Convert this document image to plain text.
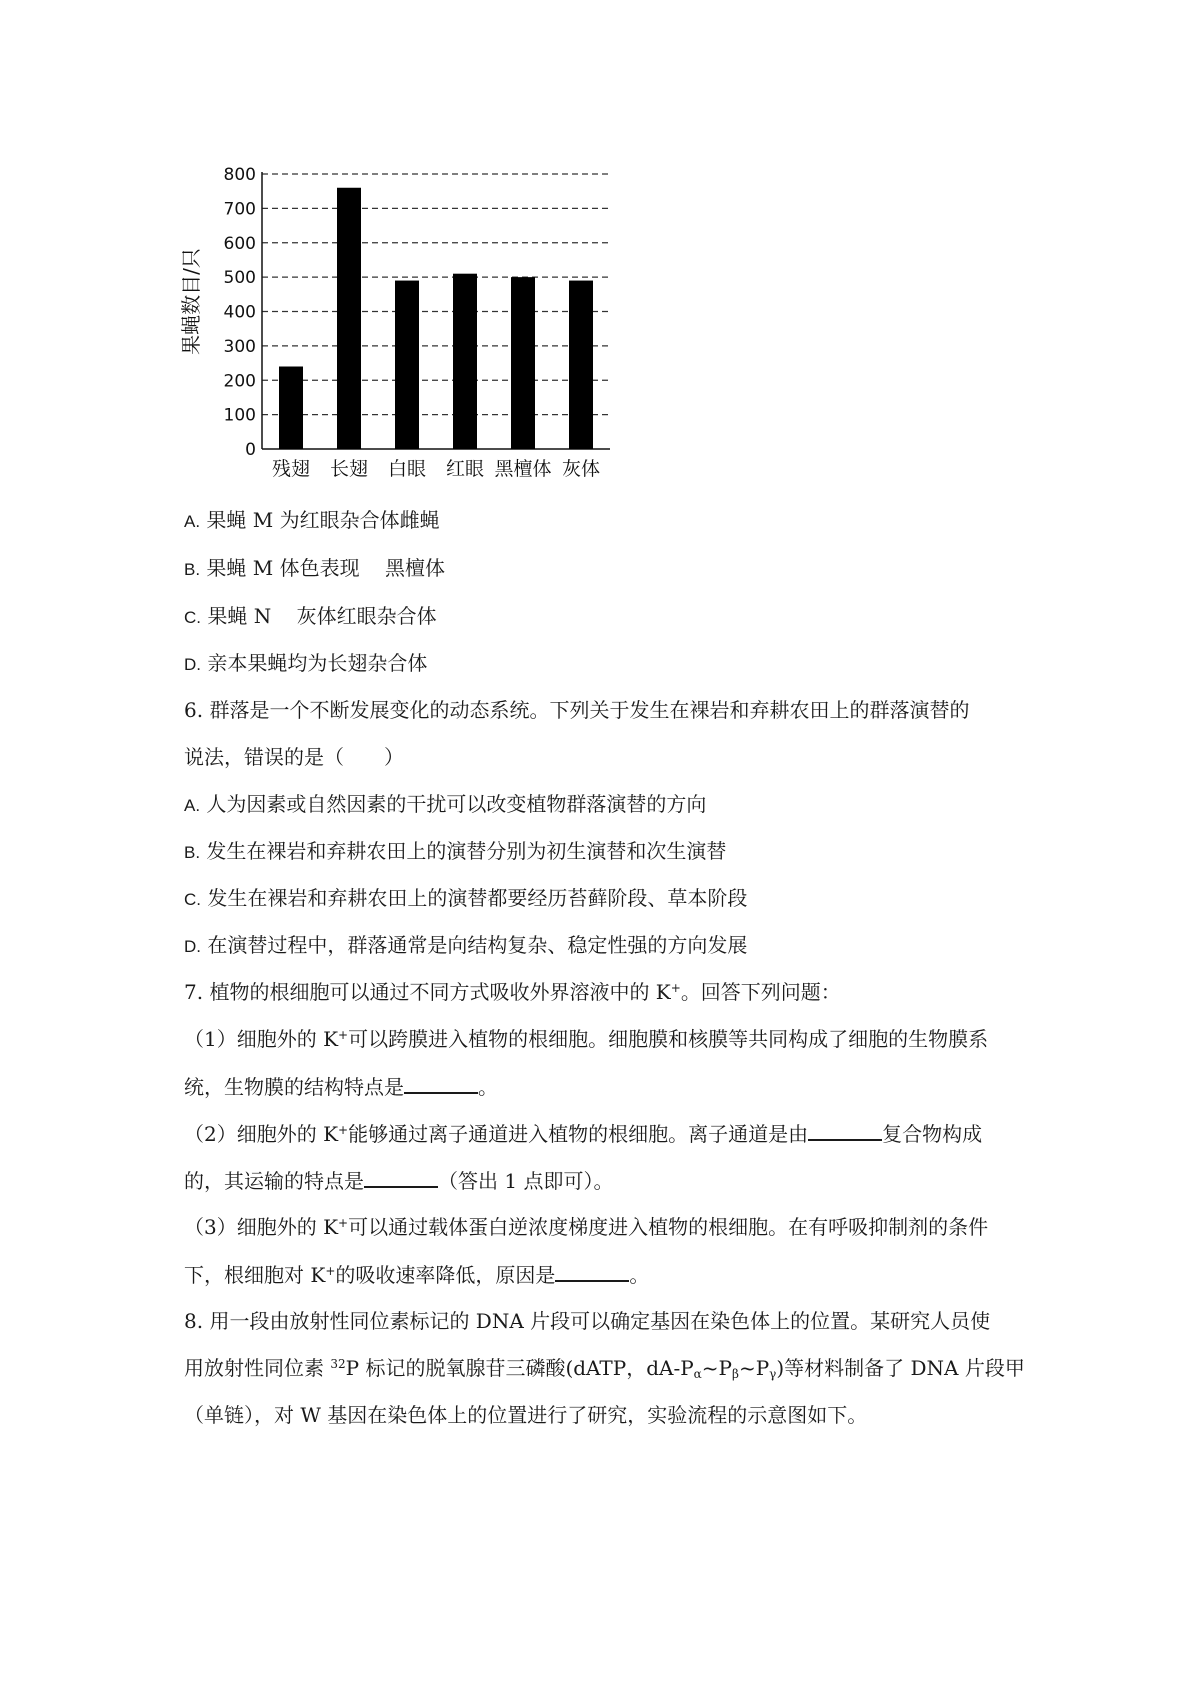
0
100
200
300
400
500
600
700
800
残翅 长翅 白眼 红眼 黑檀体 灰体
果蝇数目/只
A. 果蝇 M 为红眼杂合体雌蝇
B. 果蝇 M 体色表现    黑檀体
C. 果蝇 N    灰体红眼杂合体
D. 亲本果蝇均为长翅杂合体
6. 群落是一个不断发展变化的动态系统。下列关于发生在裸岩和弃耕农田上的群落演替的
说法，错误的是（　　）
A. 人为因素或自然因素的干扰可以改变植物群落演替的方向
B. 发生在裸岩和弃耕农田上的演替分别为初生演替和次生演替
C. 发生在裸岩和弃耕农田上的演替都要经历苔藓阶段、草本阶段
D. 在演替过程中，群落通常是向结构复杂、稳定性强的方向发展
7. 植物的根细胞可以通过不同方式吸收外界溶液中的 K+。回答下列问题：
（1）细胞外的 K+可以跨膜进入植物的根细胞。细胞膜和核膜等共同构成了细胞的生物膜系
统，生物膜的结构特点是	。
（2）细胞外的 K+能够通过离子通道进入植物的根细胞。离子通道是由	复合物构成
的，其运输的特点是	（答出 1 点即可）。
（3）细胞外的 K+可以通过载体蛋白逆浓度梯度进入植物的根细胞。在有呼吸抑制剂的条件
下，根细胞对 K+的吸收速率降低，原因是	。
8. 用一段由放射性同位素标记的 DNA 片段可以确定基因在染色体上的位置。某研究人员使
用放射性同位素 $^{32}$P 标记的脱氧腺苷三磷酸(dATP，$dA-P_\alpha\sim P_\beta\sim P_\gamma$)等材料制备了 DNA 片段甲
（单链），对 W 基因在染色体上的位置进行了研究，实验流程的示意图如下。
